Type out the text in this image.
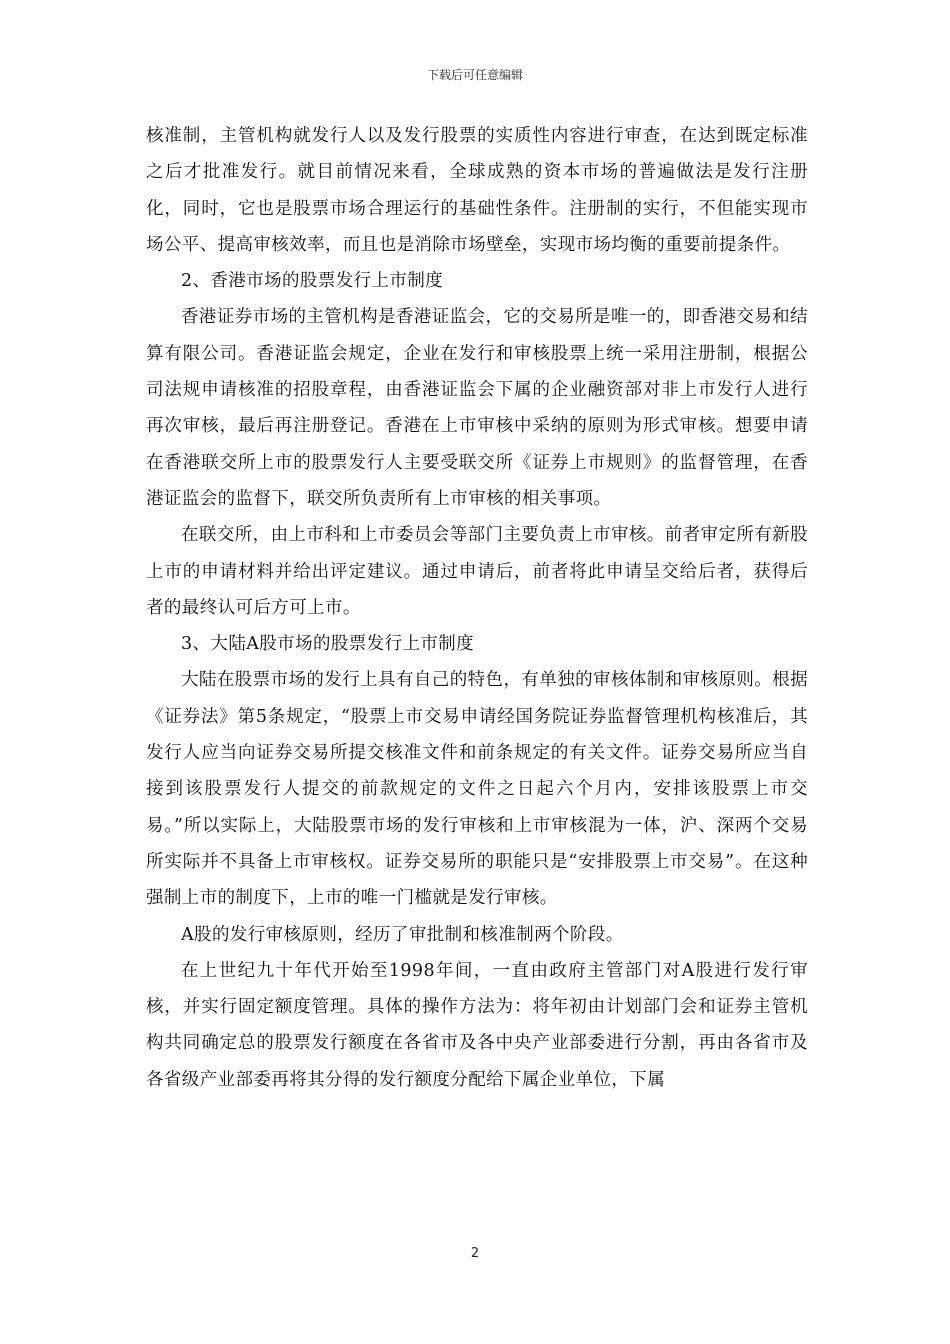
下载后可任意编辑

核准制，主管机构就发行人以及发行股票的实质性内容进行审查，在达到既定标准之后才批准发行。就目前情况来看，全球成熟的资本市场的普遍做法是发行注册化，同时，它也是股票市场合理运行的基础性条件。注册制的实行，不但能实现市场公平、提高审核效率，而且也是消除市场壁垒，实现市场均衡的重要前提条件。

2、香港市场的股票发行上市制度

香港证券市场的主管机构是香港证监会，它的交易所是唯一的，即香港交易和结算有限公司。香港证监会规定，企业在发行和审核股票上统一采用注册制，根据公司法规申请核准的招股章程，由香港证监会下属的企业融资部对非上市发行人进行再次审核，最后再注册登记。香港在上市审核中采纳的原则为形式审核。想要申请在香港联交所上市的股票发行人主要受联交所《证券上市规则》的监督管理，在香港证监会的监督下，联交所负责所有上市审核的相关事项。

在联交所，由上市科和上市委员会等部门主要负责上市审核。前者审定所有新股上市的申请材料并给出评定建议。通过申请后，前者将此申请呈交给后者，获得后者的最终认可后方可上市。

3、大陆A股市场的股票发行上市制度

大陆在股票市场的发行上具有自己的特色，有单独的审核体制和审核原则。根据《证券法》第5条规定，“股票上市交易申请经国务院证券监督管理机构核准后，其发行人应当向证券交易所提交核准文件和前条规定的有关文件。证券交易所应当自接到该股票发行人提交的前款规定的文件之日起六个月内，安排该股票上市交易。”所以实际上，大陆股票市场的发行审核和上市审核混为一体，沪、深两个交易所实际并不具备上市审核权。证券交易所的职能只是“安排股票上市交易”。在这种强制上市的制度下，上市的唯一门槛就是发行审核。

A股的发行审核原则，经历了审批制和核准制两个阶段。

在上世纪九十年代开始至1998年间，一直由政府主管部门对A股进行发行审核，并实行固定额度管理。具体的操作方法为：将年初由计划部门会和证券主管机构共同确定总的股票发行额度在各省市及各中央产业部委进行分割，再由各省市及各省级产业部委再将其分得的发行额度分配给下属企业单位，下属

2
